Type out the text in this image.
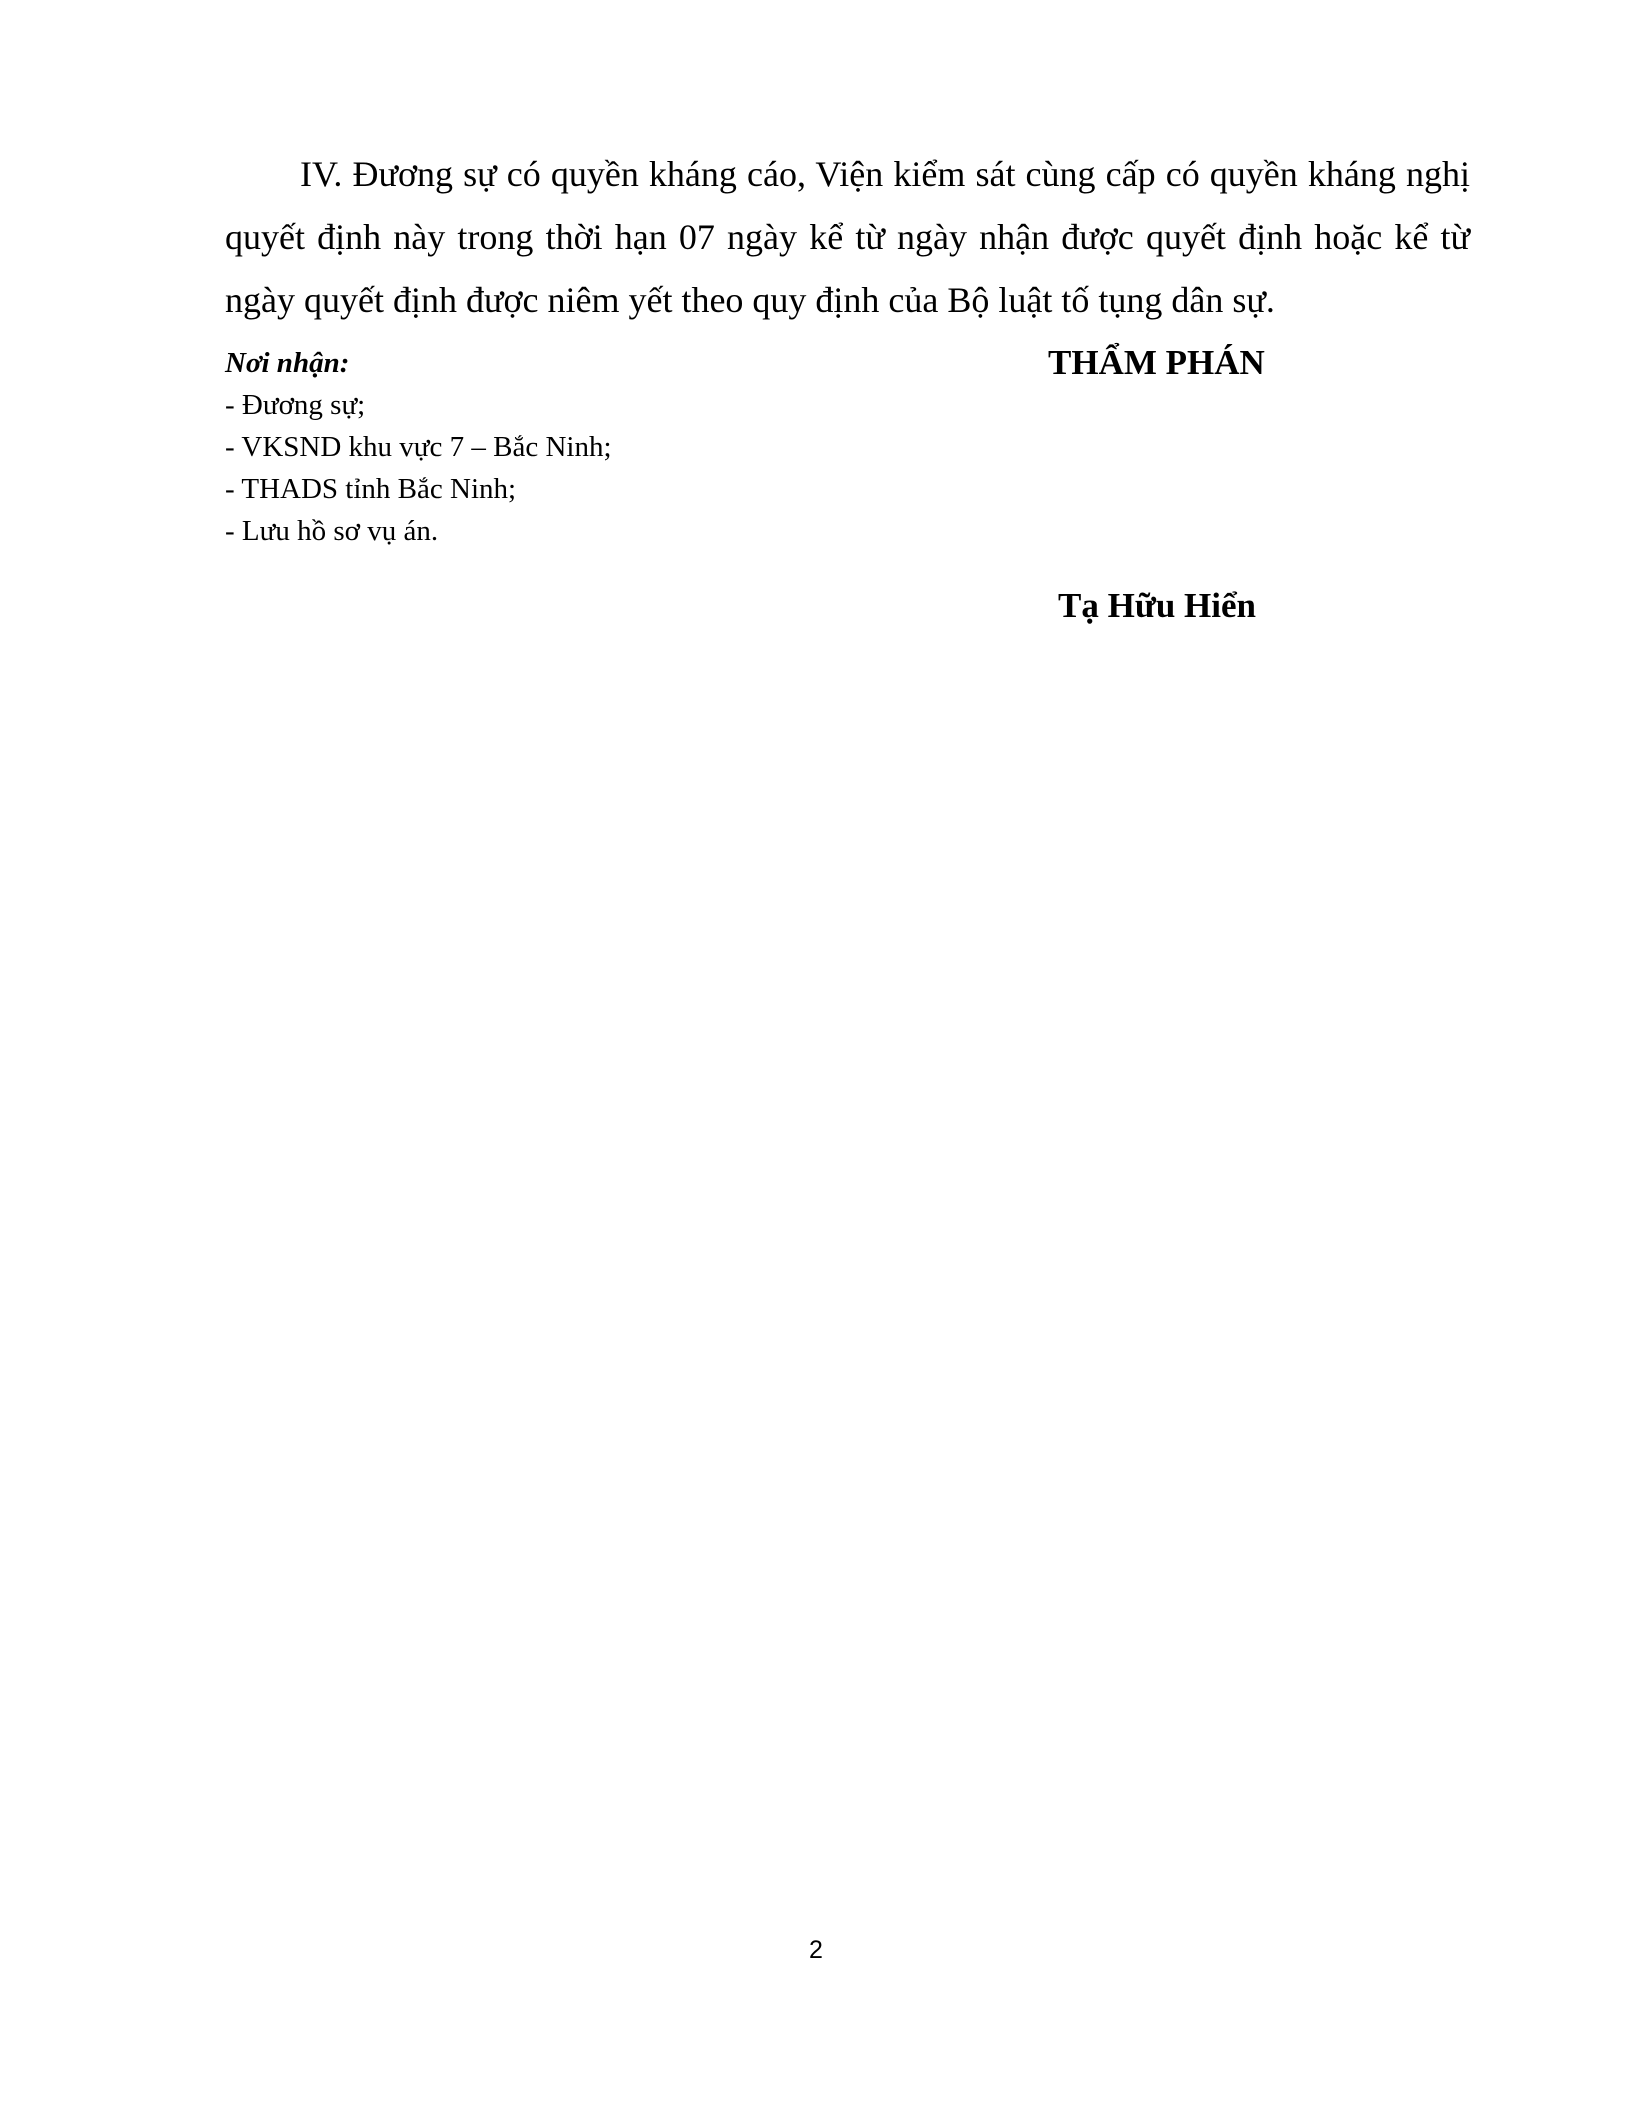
IV. Đương sự có quyền kháng cáo, Viện kiểm sát cùng cấp có quyền kháng nghị quyết định này trong thời hạn 07 ngày kể từ ngày nhận được quyết định hoặc kể từ ngày quyết định được niêm yết theo quy định của Bộ luật tố tụng dân sự.

Nơi nhận:

- Đương sự;

- VKSND khu vực 7 – Bắc Ninh;

- THADS tỉnh Bắc Ninh;

- Lưu hồ sơ vụ án.

THẨM PHÁN
Tạ Hữu Hiển
2
